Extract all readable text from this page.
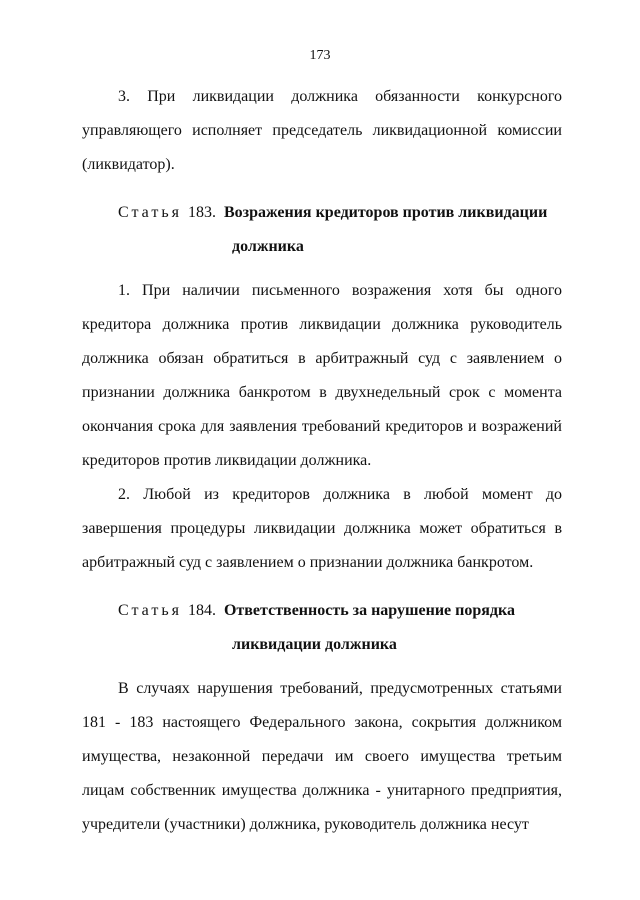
173

3. При ликвидации должника обязанности конкурсного управляющего исполняет председатель ликвидационной комиссии (ликвидатор).

Статья 183. Возражения кредиторов против ликвидации
должника

1. При наличии письменного возражения хотя бы одного кредитора должника против ликвидации должника руководитель должника обязан обратиться в арбитражный суд с заявлением о признании должника банкротом в двухнедельный срок с момента окончания срока для заявления требований кредиторов и возражений кредиторов против ликвидации должника.

2. Любой из кредиторов должника в любой момент до завершения процедуры ликвидации должника может обратиться в арбитражный суд с заявлением о признании должника банкротом.

Статья 184. Ответственность за нарушение порядка
ликвидации должника

В случаях нарушения требований, предусмотренных статьями 181 - 183 настоящего Федерального закона, сокрытия должником имущества, незаконной передачи им своего имущества третьим лицам собственник имущества должника - унитарного предприятия, учредители (участники) должника, руководитель должника несут
